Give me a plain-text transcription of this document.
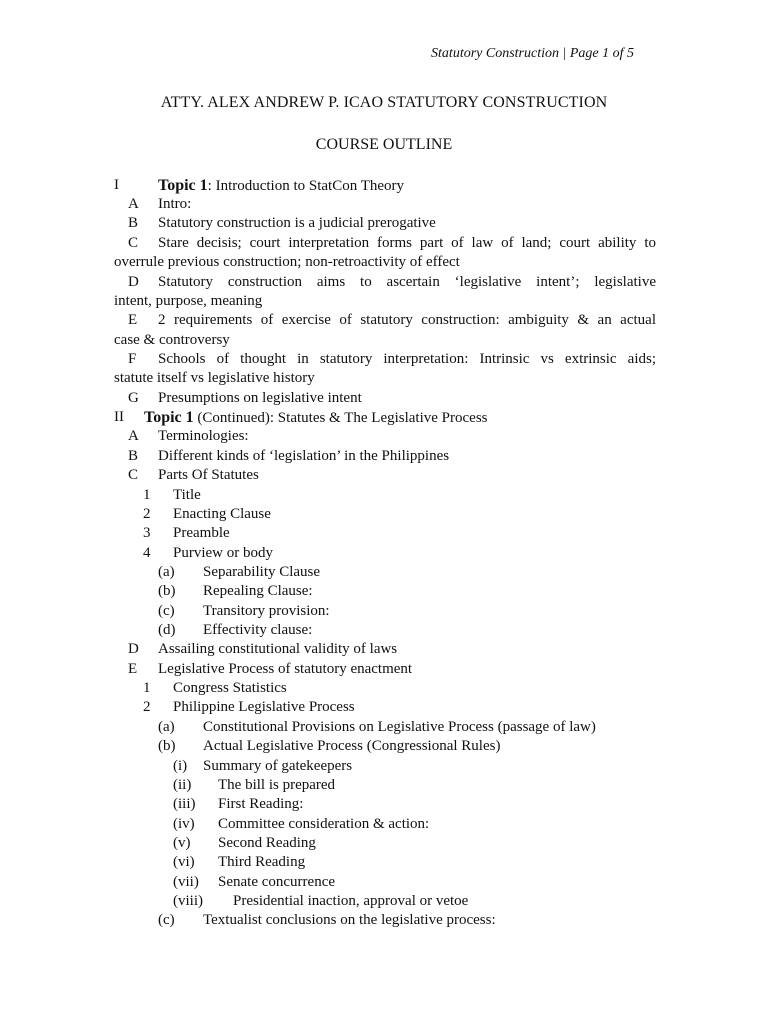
Statutory Construction | Page 1 of 5
ATTY. ALEX ANDREW P. ICAO STATUTORY CONSTRUCTION
COURSE OUTLINE
I Topic 1: Introduction to StatCon Theory
A Intro:
B Statutory construction is a judicial prerogative
C Stare decisis; court interpretation forms part of law of land; court ability to
overrule previous construction; non-retroactivity of effect
D Statutory construction aims to ascertain ‘legislative intent’; legislative
intent, purpose, meaning
E 2 requirements of exercise of statutory construction: ambiguity & an actual
case & controversy
F Schools of thought in statutory interpretation: Intrinsic vs extrinsic aids;
statute itself vs legislative history
G Presumptions on legislative intent
II Topic 1 (Continued): Statutes & The Legislative Process
A Terminologies:
B Different kinds of ‘legislation’ in the Philippines
C Parts Of Statutes
1 Title
2 Enacting Clause
3 Preamble
4 Purview or body
(a) Separability Clause
(b) Repealing Clause:
(c) Transitory provision:
(d) Effectivity clause:
D Assailing constitutional validity of laws
E Legislative Process of statutory enactment
1 Congress Statistics
2 Philippine Legislative Process
(a) Constitutional Provisions on Legislative Process (passage of law)
(b) Actual Legislative Process (Congressional Rules)
(i) Summary of gatekeepers
(ii) The bill is prepared
(iii) First Reading:
(iv) Committee consideration & action:
(v) Second Reading
(vi) Third Reading
(vii) Senate concurrence
(viii) Presidential inaction, approval or vetoe
(c) Textualist conclusions on the legislative process:
